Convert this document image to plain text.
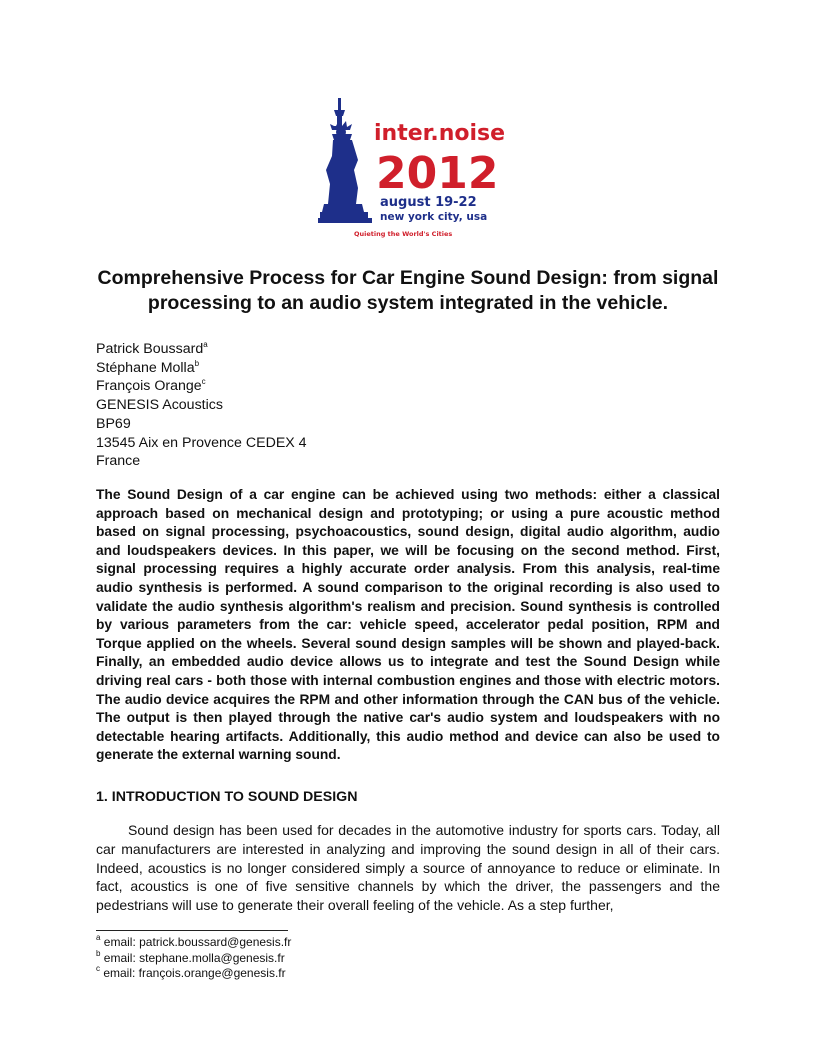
inter.noise
2012
august 19-22
new york city, usa
Quieting the World's Cities
Comprehensive Process for Car Engine Sound Design: from signal
processing to an audio system integrated in the vehicle.
Patrick Boussard$^a$
Stéphane Molla$^b$
François Orange$^c$
GENESIS Acoustics
BP69
13545 Aix en Provence CEDEX 4
France
The Sound Design of a car engine can be achieved using two methods: either a classical approach based on mechanical design and prototyping; or using a pure acoustic method based on signal processing, psychoacoustics, sound design, digital audio algorithm, audio and loudspeakers devices. In this paper, we will be focusing on the second method. First, signal processing requires a highly accurate order analysis. From this analysis, real-time audio synthesis is performed. A sound comparison to the original recording is also used to validate the audio synthesis algorithm's realism and precision. Sound synthesis is controlled by various parameters from the car: vehicle speed, accelerator pedal position, RPM and Torque applied on the wheels. Several sound design samples will be shown and played-back. Finally, an embedded audio device allows us to integrate and test the Sound Design while driving real cars - both those with internal combustion engines and those with electric motors. The audio device acquires the RPM and other information through the CAN bus of the vehicle. The output is then played through the native car's audio system and loudspeakers with no detectable hearing artifacts. Additionally, this audio method and device can also be used to generate the external warning sound.
1. INTRODUCTION TO SOUND DESIGN
Sound design has been used for decades in the automotive industry for sports cars. Today, all car manufacturers are interested in analyzing and improving the sound design in all of their cars. Indeed, acoustics is no longer considered simply a source of annoyance to reduce or eliminate. In fact, acoustics is one of five sensitive channels by which the driver, the passengers and the pedestrians will use to generate their overall feeling of the vehicle. As a step further,
$^a$ email: patrick.boussard@genesis.fr
$^b$ email: stephane.molla@genesis.fr
$^c$ email: françois.orange@genesis.fr
